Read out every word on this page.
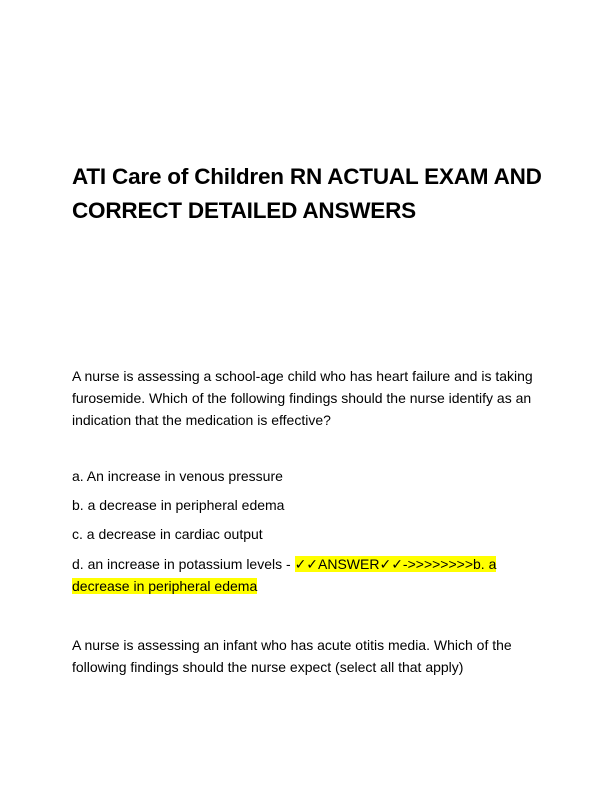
ATI Care of Children RN ACTUAL EXAM AND CORRECT DETAILED ANSWERS

A nurse is assessing a school-age child who has heart failure and is taking furosemide. Which of the following findings should the nurse identify as an indication that the medication is effective?

a. An increase in venous pressure

b. a decrease in peripheral edema

c. a decrease in cardiac output

d. an increase in potassium levels - ✓✓ANSWER✓✓->>>>>>>>b. a decrease in peripheral edema

A nurse is assessing an infant who has acute otitis media. Which of the following findings should the nurse expect (select all that apply)
